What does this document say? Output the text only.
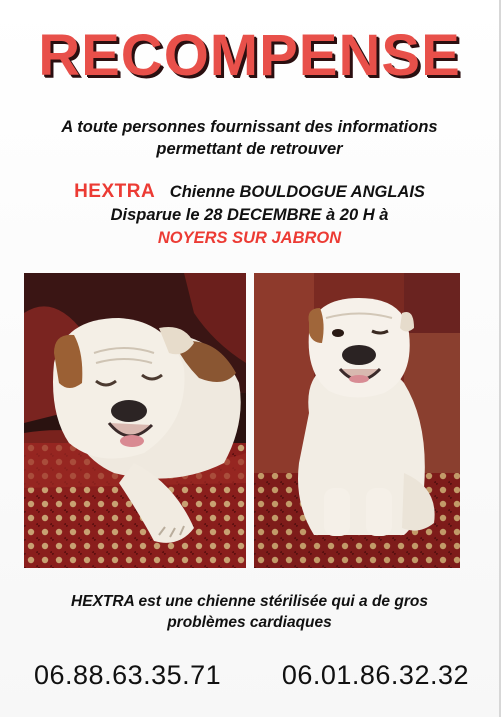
RECOMPENSE
A toute personnes fournissant des informations
permettant de retrouver
HEXTRA Chienne BOULDOGUE ANGLAIS
Disparue le 28 DECEMBRE à 20 H à
NOYERS SUR JABRON
HEXTRA est une chienne stérilisée qui a de gros
problèmes cardiaques
06.88.63.35.71 06.01.86.32.32
